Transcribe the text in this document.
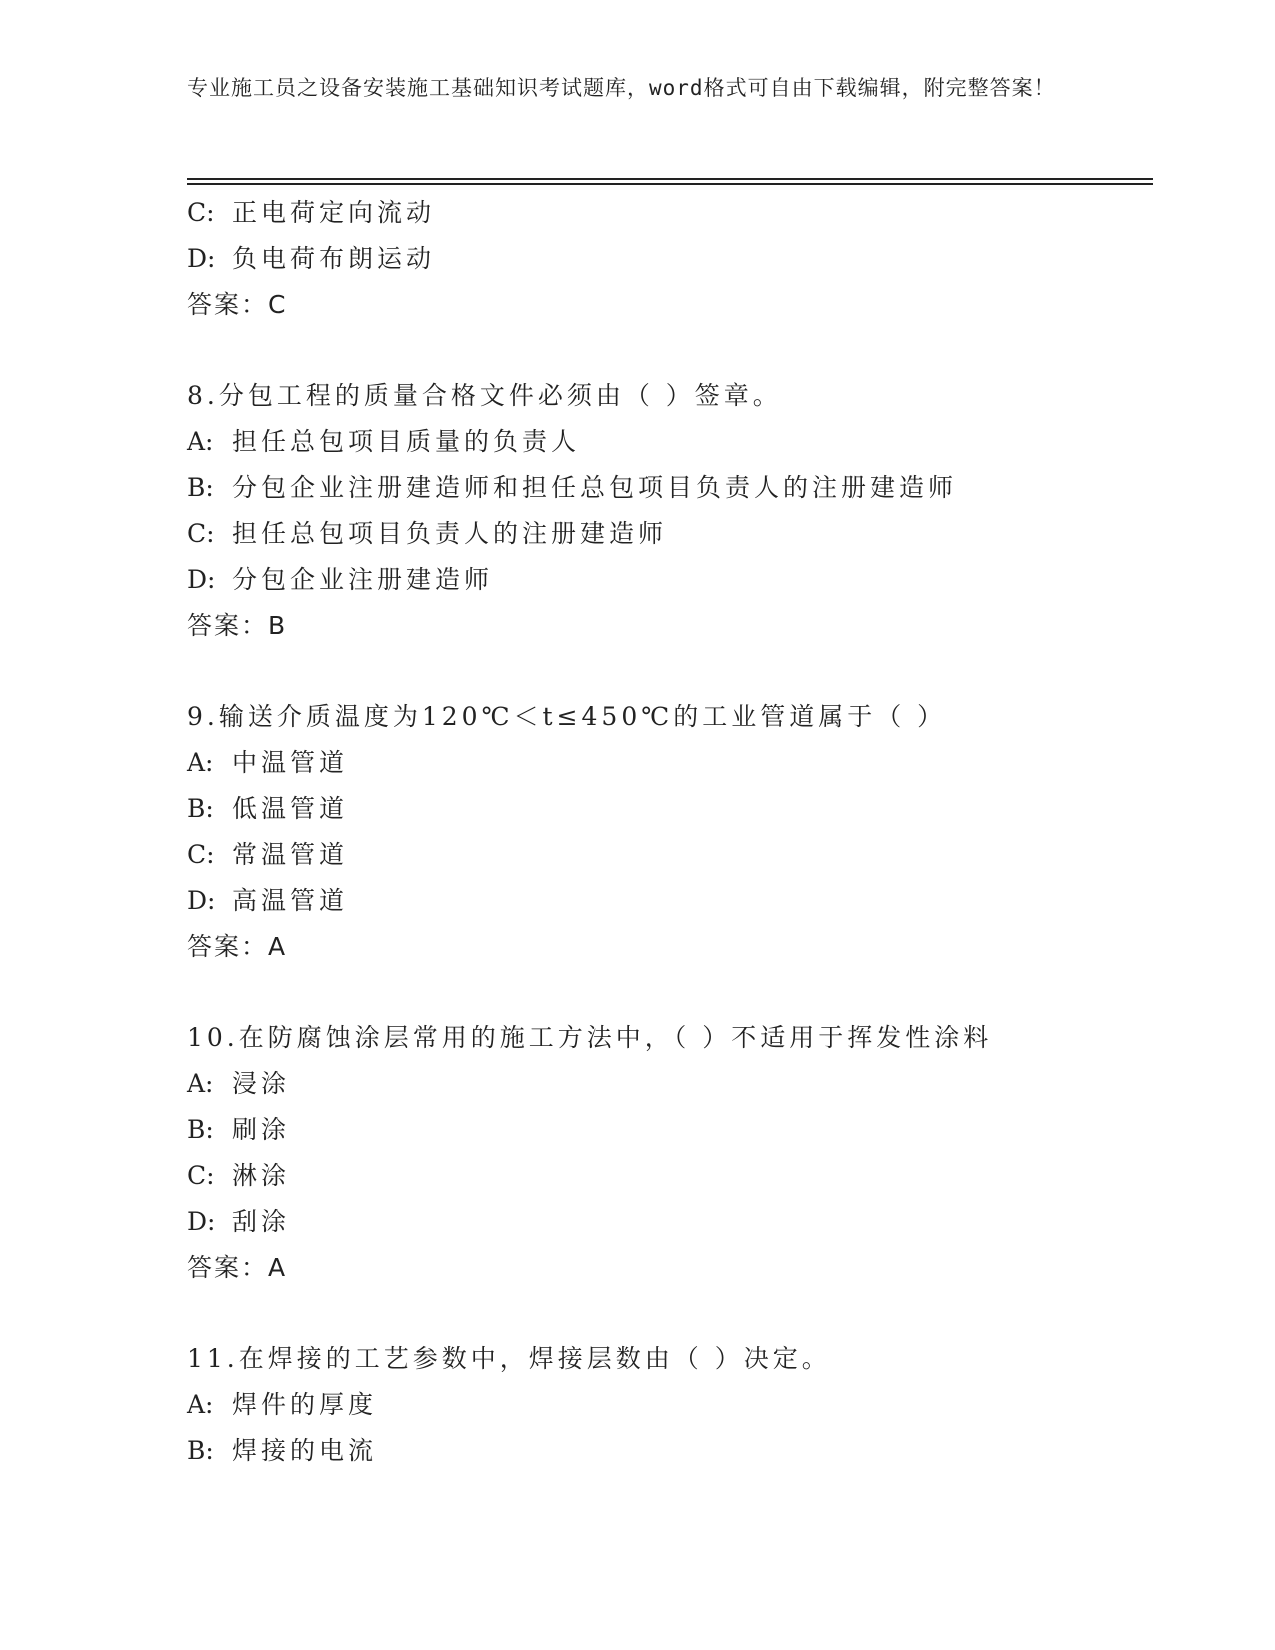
专业施工员之设备安装施工基础知识考试题库，word格式可自由下载编辑，附完整答案！
C: 正电荷定向流动
D: 负电荷布朗运动
答案：C
8.分包工程的质量合格文件必须由（ ）签章。
A: 担任总包项目质量的负责人
B: 分包企业注册建造师和担任总包项目负责人的注册建造师
C: 担任总包项目负责人的注册建造师
D: 分包企业注册建造师
答案：B
9.输送介质温度为120℃＜t≤450℃的工业管道属于（ ）
A: 中温管道
B: 低温管道
C: 常温管道
D: 高温管道
答案：A
10.在防腐蚀涂层常用的施工方法中，（ ）不适用于挥发性涂料
A: 浸涂
B: 刷涂
C: 淋涂
D: 刮涂
答案：A
11.在焊接的工艺参数中，焊接层数由（ ）决定。
A: 焊件的厚度
B: 焊接的电流
